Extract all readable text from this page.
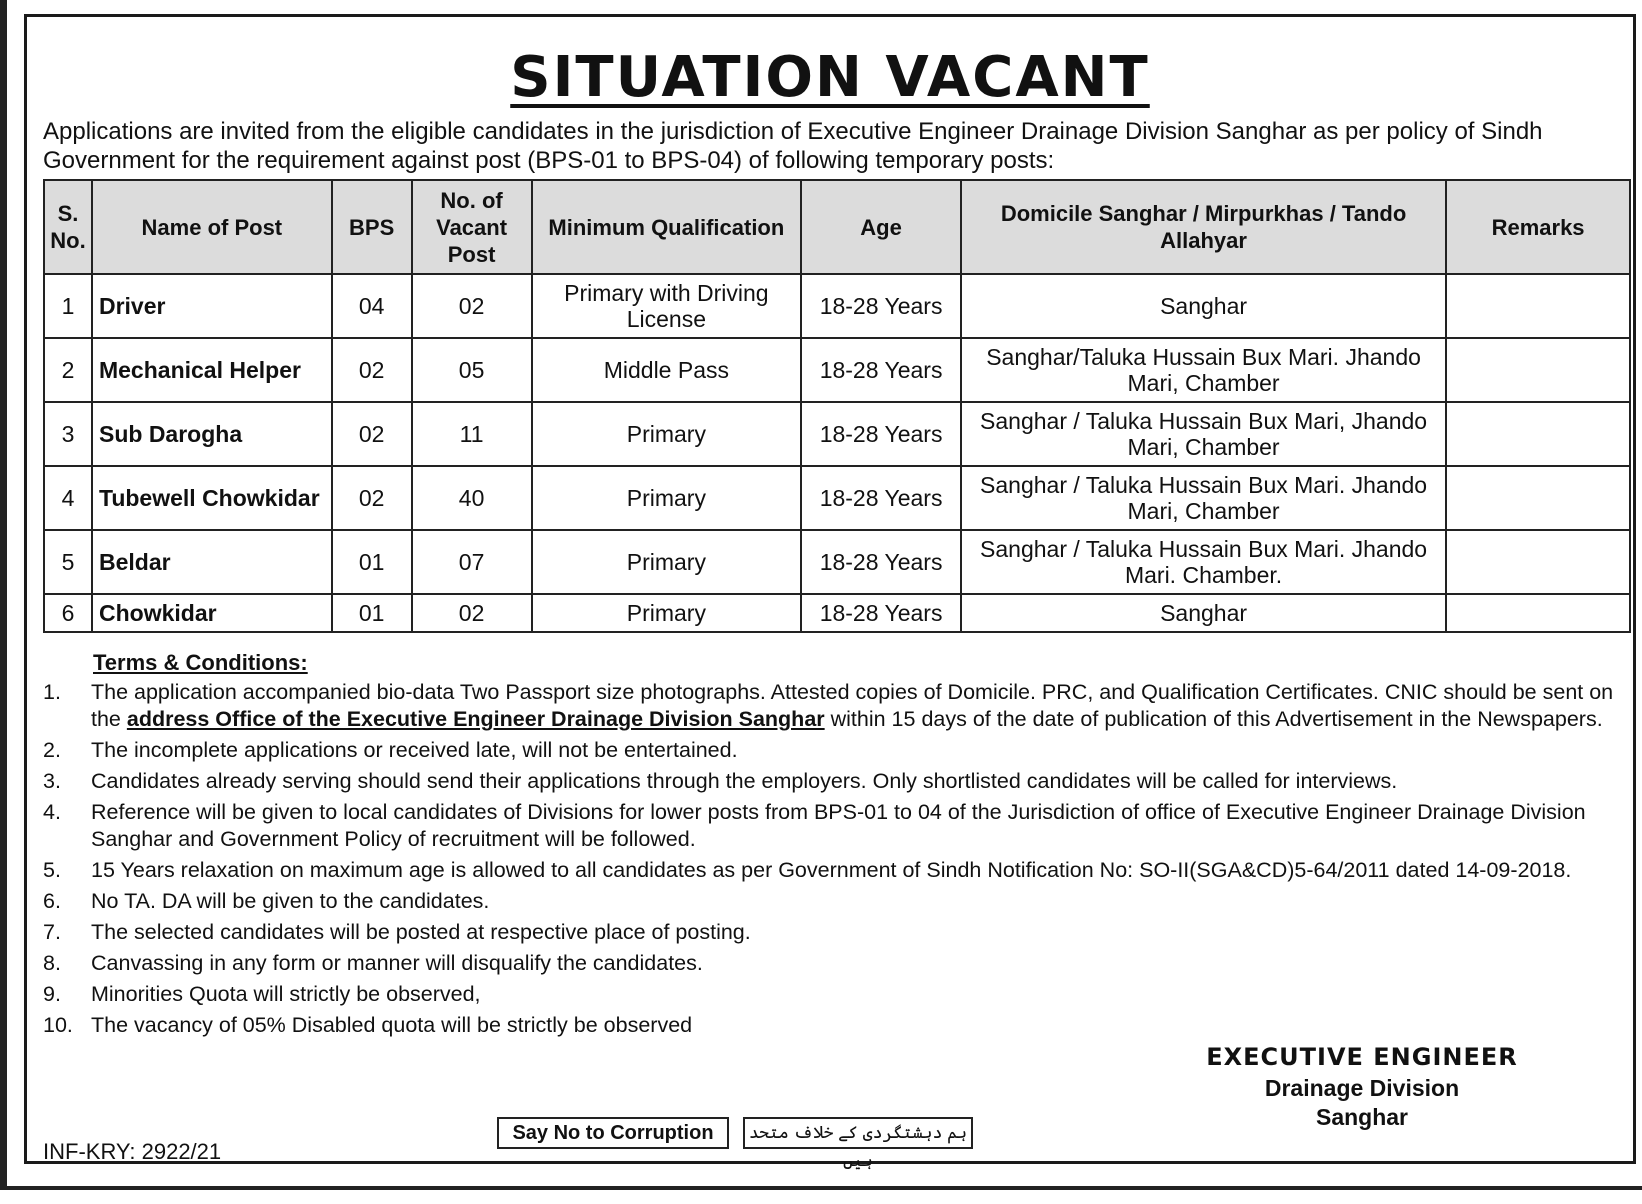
SITUATION VACANT
Applications are invited from the eligible candidates in the jurisdiction of Executive Engineer Drainage Division Sanghar as per policy of Sindh Government for the requirement against post (BPS-01 to BPS-04) of following temporary posts:
S. No.	Name of Post	BPS	No. of Vacant Post	Minimum Qualification	Age	Domicile Sanghar / Mirpurkhas / Tando Allahyar	Remarks
1	Driver	04	02	Primary with Driving License	18-28 Years	Sanghar	
2	Mechanical Helper	02	05	Middle Pass	18-28 Years	Sanghar/Taluka Hussain Bux Mari. Jhando Mari, Chamber	
3	Sub Darogha	02	11	Primary	18-28 Years	Sanghar / Taluka Hussain Bux Mari, Jhando Mari, Chamber	
4	Tubewell Chowkidar	02	40	Primary	18-28 Years	Sanghar / Taluka Hussain Bux Mari. Jhando Mari, Chamber	
5	Beldar	01	07	Primary	18-28 Years	Sanghar / Taluka Hussain Bux Mari. Jhando Mari. Chamber.	
6	Chowkidar	01	02	Primary	18-28 Years	Sanghar	
Terms & Conditions:
1.	The application accompanied bio-data Two Passport size photographs. Attested copies of Domicile. PRC, and Qualification Certificates. CNIC should be sent on the address Office of the Executive Engineer Drainage Division Sanghar within 15 days of the date of publication of this Advertisement in the Newspapers.
2.	The incomplete applications or received late, will not be entertained.
3.	Candidates already serving should send their applications through the employers. Only shortlisted candidates will be called for interviews.
4.	Reference will be given to local candidates of Divisions for lower posts from BPS-01 to 04 of the Jurisdiction of office of Executive Engineer Drainage Division Sanghar and Government Policy of recruitment will be followed.
5.	15 Years relaxation on maximum age is allowed to all candidates as per Government of Sindh Notification No: SO-II(SGA&CD)5-64/2011 dated 14-09-2018.
6.	No TA. DA will be given to the candidates.
7.	The selected candidates will be posted at respective place of posting.
8.	Canvassing in any form or manner will disqualify the candidates.
9.	Minorities Quota will strictly be observed,
10. The vacancy of 05% Disabled quota will be strictly be observed
EXECUTIVE ENGINEER
Drainage Division
Sanghar
INF-KRY: 2922/21
Say No to Corruption	ہم دہشتگردی کے خلاف متحد ہیں
